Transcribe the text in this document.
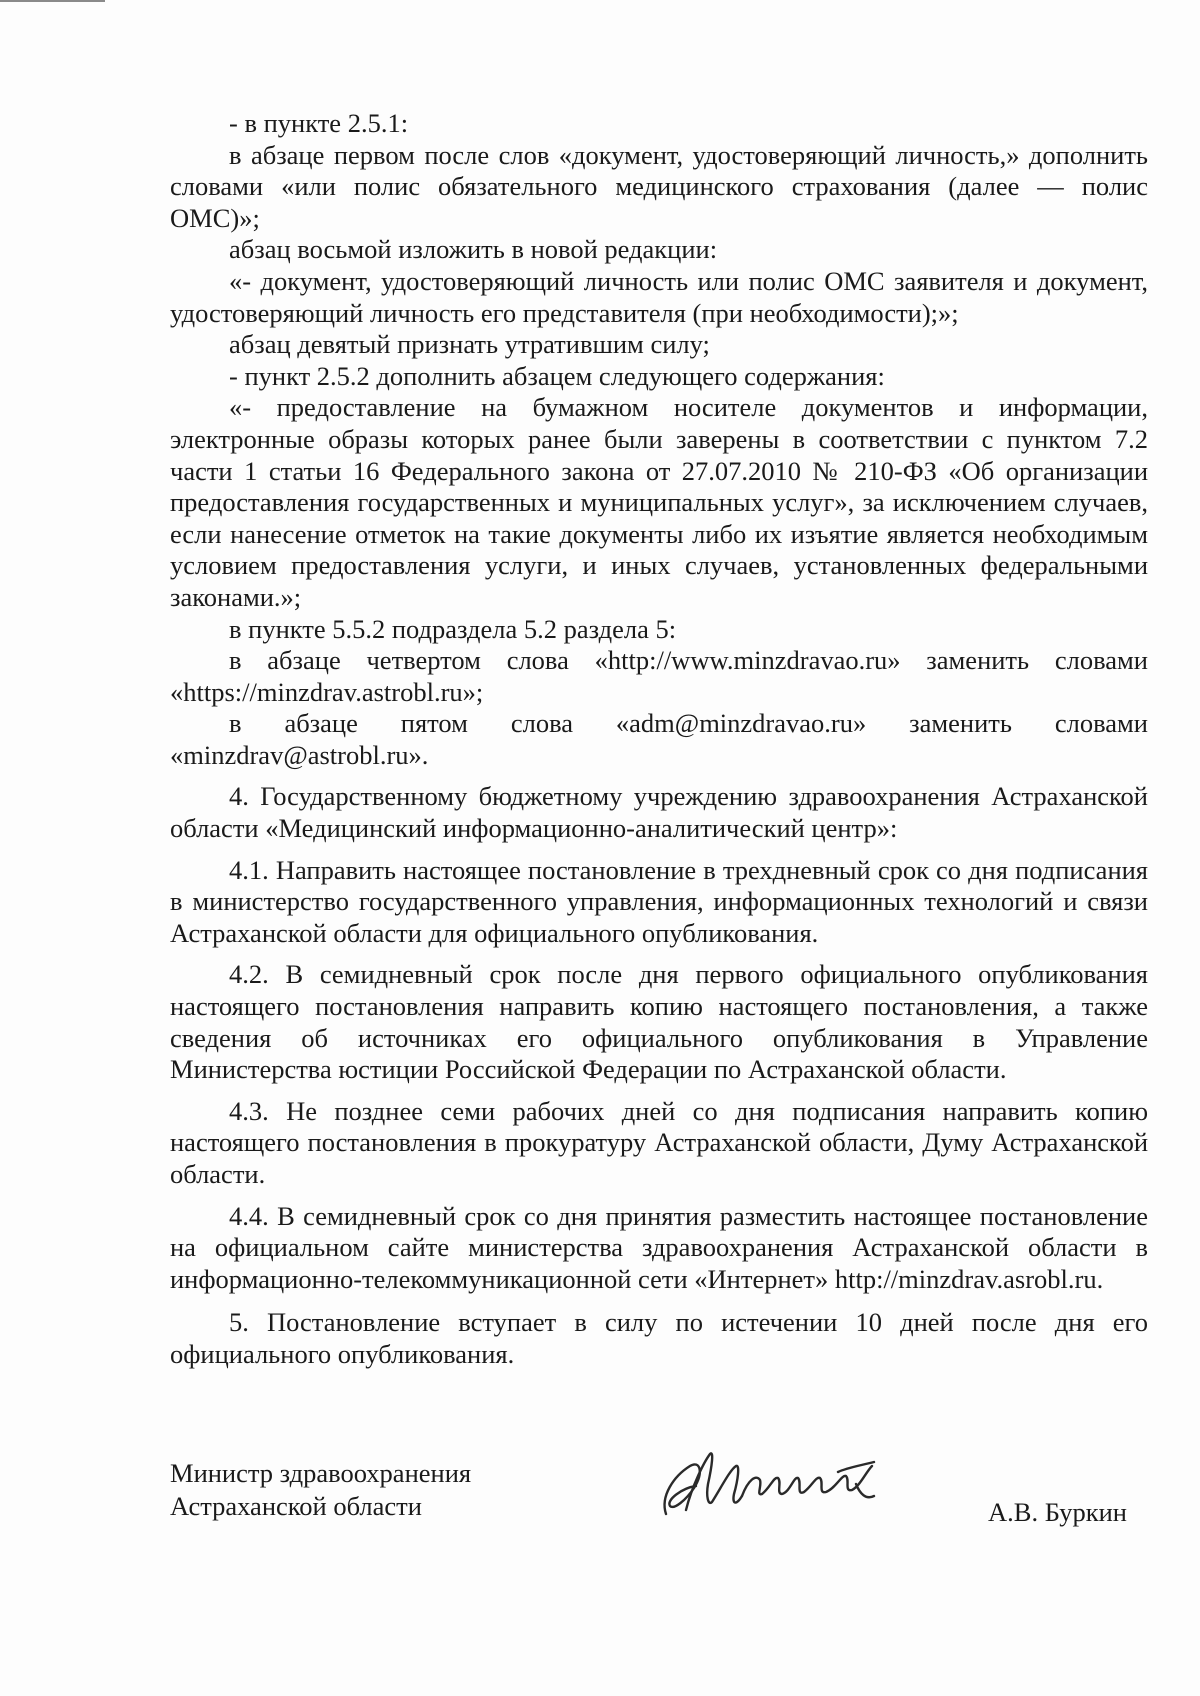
- в пункте 2.5.1:

в абзаце первом после слов «документ, удостоверяющий личность,» дополнить словами «или полис обязательного медицинского страхования (далее — полис ОМС)»;

абзац восьмой изложить в новой редакции:

«- документ, удостоверяющий личность или полис ОМС заявителя и документ, удостоверяющий личность его представителя (при необходимости);»;

абзац девятый признать утратившим силу;

- пункт 2.5.2 дополнить абзацем следующего содержания:

«- предоставление на бумажном носителе документов и информации, электронные образы которых ранее были заверены в соответствии с пунктом 7.2 части 1 статьи 16 Федерального закона от 27.07.2010 № 210-ФЗ «Об организации предоставления государственных и муниципальных услуг», за исключением случаев, если нанесение отметок на такие документы либо их изъятие является необходимым условием предоставления услуги, и иных случаев, установленных федеральными законами.»;

в пункте 5.5.2 подраздела 5.2 раздела 5:

в абзаце четвертом слова «http://www.minzdravao.ru» заменить словами «https://minzdrav.astrobl.ru»;

в абзаце пятом слова «adm@minzdravao.ru» заменить словами «minzdrav@astrobl.ru».

4. Государственному бюджетному учреждению здравоохранения Астраханской области «Медицинский информационно-аналитический центр»:

4.1. Направить настоящее постановление в трехдневный срок со дня подписания в министерство государственного управления, информационных технологий и связи Астраханской области для официального опубликования.

4.2. В семидневный срок после дня первого официального опубликования настоящего постановления направить копию настоящего постановления, а также сведения об источниках его официального опубликования в Управление Министерства юстиции Российской Федерации по Астраханской области.

4.3. Не позднее семи рабочих дней со дня подписания направить копию настоящего постановления в прокуратуру Астраханской области, Думу Астраханской области.

4.4. В семидневный срок со дня принятия разместить настоящее постановление на официальном сайте министерства здравоохранения Астраханской области в информационно-телекоммуникационной сети «Интернет» http://minzdrav.asrobl.ru.

5. Постановление вступает в силу по истечении 10 дней после дня его официального опубликования.

Министр здравоохранения
Астраханской области	А.В. Буркин
